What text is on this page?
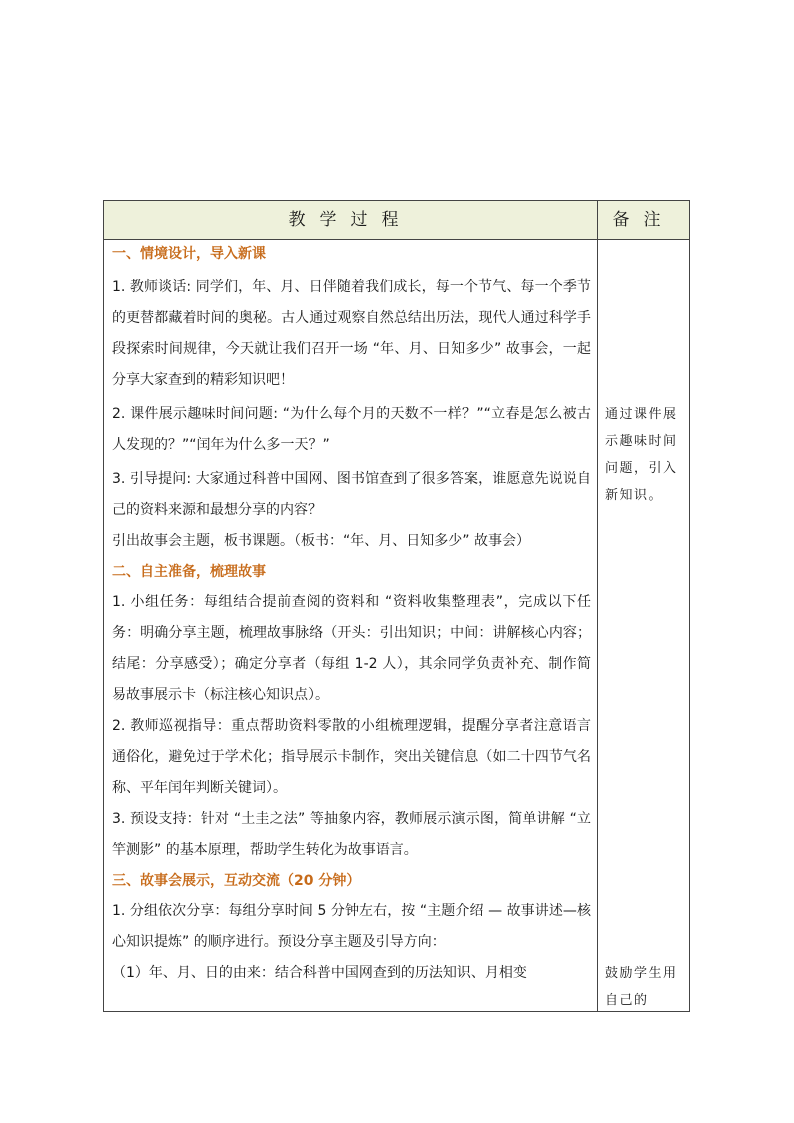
教学过程	备注
一、情境设计，导入新课
1. 教师谈话: 同学们，年、月、日伴随着我们成长，每一个节气、每一个季节的更替都藏着时间的奥秘。古人通过观察自然总结出历法，现代人通过科学手段探索时间规律，今天就让我们召开一场 “年、月、日知多少” 故事会，一起分享大家查到的精彩知识吧！
2. 课件展示趣味时间问题: “为什么每个月的天数不一样？”“立春是怎么被古人发现的？”“闰年为什么多一天？”
3. 引导提问: 大家通过科普中国网、图书馆查到了很多答案，谁愿意先说说自己的资料来源和最想分享的内容？
引出故事会主题，板书课题。（板书：“年、月、日知多少” 故事会）
二、自主准备，梳理故事
1. 小组任务：每组结合提前查阅的资料和 “资料收集整理表”，完成以下任务：明确分享主题，梳理故事脉络（开头：引出知识；中间：讲解核心内容；结尾：分享感受）；确定分享者（每组 1-2 人），其余同学负责补充、制作简易故事展示卡（标注核心知识点）。
2. 教师巡视指导：重点帮助资料零散的小组梳理逻辑，提醒分享者注意语言通俗化，避免过于学术化；指导展示卡制作，突出关键信息（如二十四节气名称、平年闰年判断关键词）。
3. 预设支持：针对 “土圭之法” 等抽象内容，教师展示演示图，简单讲解 “立竿测影” 的基本原理，帮助学生转化为故事语言。
三、故事会展示，互动交流（20 分钟）
1. 分组依次分享：每组分享时间 5 分钟左右，按 “主题介绍 — 故事讲述—核心知识提炼” 的顺序进行。预设分享主题及引导方向：
（1）年、月、日的由来：结合科普中国网查到的历法知识、月相变
通过课件展示趣味时间问题，引入新知识。
鼓励学生用自己的
